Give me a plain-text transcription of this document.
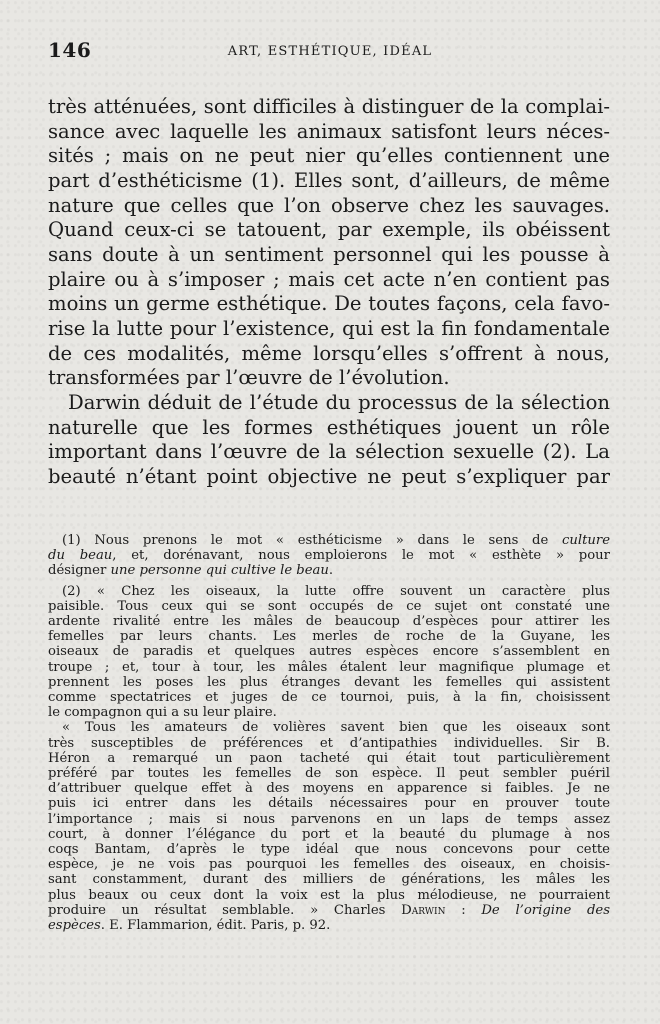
146	ART, ESTHÉTIQUE, IDÉAL
très atténuées, sont difficiles à distinguer de la complai-
sance avec laquelle les animaux satisfont leurs néces-
sités ; mais on ne peut nier qu’elles contiennent une
part d’esthéticisme (1). Elles sont, d’ailleurs, de même
nature que celles que l’on observe chez les sauvages.
Quand ceux-ci se tatouent, par exemple, ils obéissent
sans doute à un sentiment personnel qui les pousse à
plaire ou à s’imposer ; mais cet acte n’en contient pas
moins un germe esthétique. De toutes façons, cela favo-
rise la lutte pour l’existence, qui est la fin fondamentale
de ces modalités, même lorsqu’elles s’offrent à nous,
transformées par l’œuvre de l’évolution.
Darwin déduit de l’étude du processus de la sélection
naturelle que les formes esthétiques jouent un rôle
important dans l’œuvre de la sélection sexuelle (2). La
beauté n’étant point objective ne peut s’expliquer par
(1) Nous prenons le mot « esthéticisme » dans le sens de culture
du beau, et, dorénavant, nous emploierons le mot « esthète » pour
désigner une personne qui cultive le beau.
(2) « Chez les oiseaux, la lutte offre souvent un caractère plus
paisible. Tous ceux qui se sont occupés de ce sujet ont constaté une
ardente rivalité entre les mâles de beaucoup d’espèces pour attirer les
femelles par leurs chants. Les merles de roche de la Guyane, les
oiseaux de paradis et quelques autres espèces encore s’assemblent en
troupe ; et, tour à tour, les mâles étalent leur magnifique plumage et
prennent les poses les plus étranges devant les femelles qui assistent
comme spectatrices et juges de ce tournoi, puis, à la fin, choisissent
le compagnon qui a su leur plaire.
« Tous les amateurs de volières savent bien que les oiseaux sont
très susceptibles de préférences et d’antipathies individuelles. Sir B.
Héron a remarqué un paon tacheté qui était tout particulièrement
préféré par toutes les femelles de son espèce. Il peut sembler puéril
d’attribuer quelque effet à des moyens en apparence si faibles. Je ne
puis ici entrer dans les détails nécessaires pour en prouver toute
l’importance ; mais si nous parvenons en un laps de temps assez
court, à donner l’élégance du port et la beauté du plumage à nos
coqs Bantam, d’après le type idéal que nous concevons pour cette
espèce, je ne vois pas pourquoi les femelles des oiseaux, en choisis-
sant constamment, durant des milliers de générations, les mâles les
plus beaux ou ceux dont la voix est la plus mélodieuse, ne pourraient
produire un résultat semblable. » Charles Darwin : De l’origine des
espèces. E. Flammarion, édit. Paris, p. 92.
